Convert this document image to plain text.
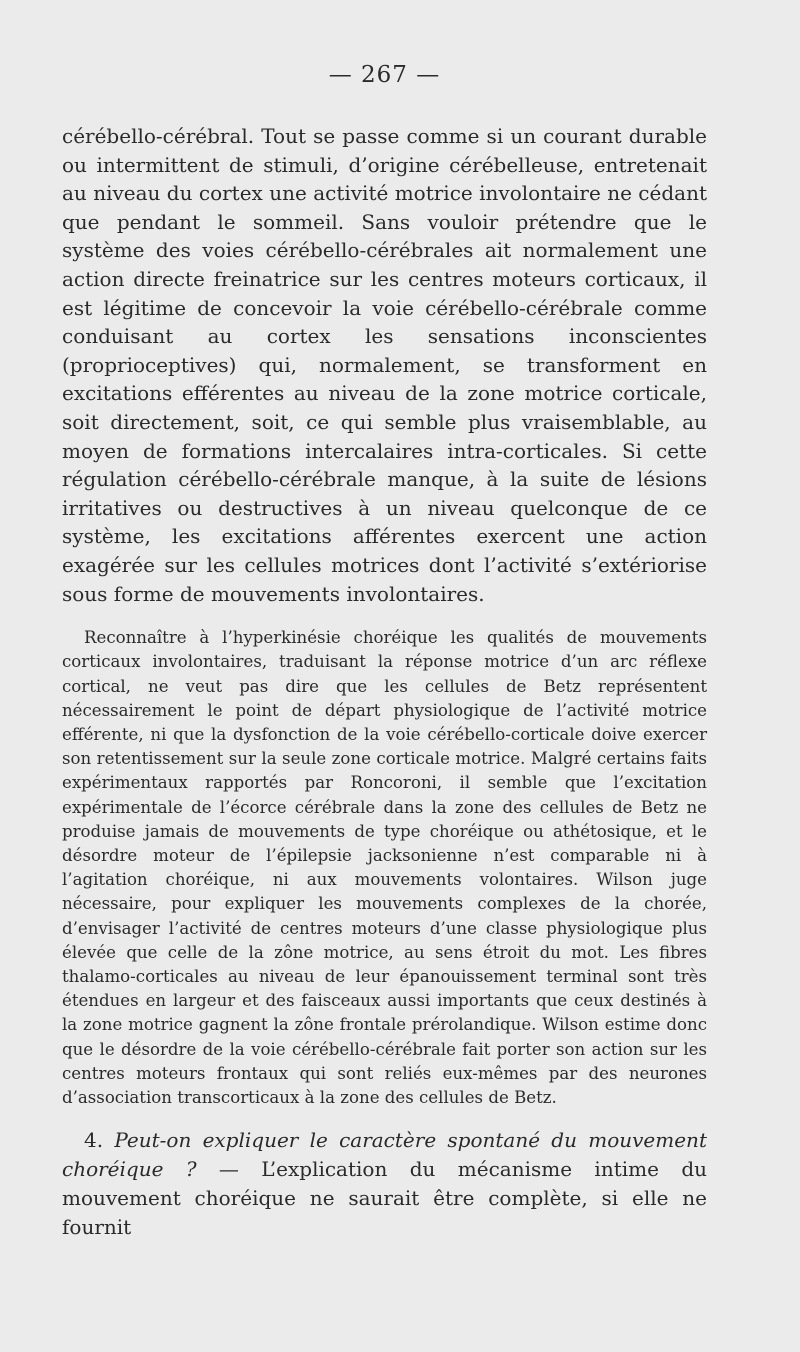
— 267 —

cérébello-cérébral. Tout se passe comme si un courant durable ou intermittent de stimuli, d’origine cérébelleuse, entretenait au niveau du cortex une activité motrice involontaire ne cédant que pendant le sommeil. Sans vouloir prétendre que le système des voies cérébello-cérébrales ait normalement une action directe freinatrice sur les centres moteurs corticaux, il est légitime de concevoir la voie cérébello-cérébrale comme conduisant au cortex les sensations inconscientes (proprioceptives) qui, normalement, se transforment en excitations efférentes au niveau de la zone motrice corticale, soit directement, soit, ce qui semble plus vraisemblable, au moyen de formations intercalaires intra-corticales. Si cette régulation cérébello-cérébrale manque, à la suite de lésions irritatives ou destructives à un niveau quelconque de ce système, les excitations afférentes exercent une action exagérée sur les cellules motrices dont l’activité s’extériorise sous forme de mouvements involontaires.

Reconnaître à l’hyperkinésie choréique les qualités de mouvements corticaux involontaires, traduisant la réponse motrice d’un arc réflexe cortical, ne veut pas dire que les cellules de Betz représentent nécessairement le point de départ physiologique de l’activité motrice efférente, ni que la dysfonction de la voie cérébello-corticale doive exercer son retentissement sur la seule zone corticale motrice. Malgré certains faits expérimentaux rapportés par Roncoroni, il semble que l’excitation expérimentale de l’écorce cérébrale dans la zone des cellules de Betz ne produise jamais de mouvements de type choréique ou athétosique, et le désordre moteur de l’épilepsie jacksonienne n’est comparable ni à l’agitation choréique, ni aux mouvements volontaires. Wilson juge nécessaire, pour expliquer les mouvements complexes de la chorée, d’envisager l’activité de centres moteurs d’une classe physiologique plus élevée que celle de la zône motrice, au sens étroit du mot. Les fibres thalamo-corticales au niveau de leur épanouissement terminal sont très étendues en largeur et des faisceaux aussi importants que ceux destinés à la zone motrice gagnent la zône frontale prérolandique. Wilson estime donc que le désordre de la voie cérébello-cérébrale fait porter son action sur les centres moteurs frontaux qui sont reliés eux-mêmes par des neurones d’association transcorticaux à la zone des cellules de Betz.

4. Peut-on expliquer le caractère spontané du mouvement choréique ? — L’explication du mécanisme intime du mouvement choréique ne saurait être complète, si elle ne fournit
